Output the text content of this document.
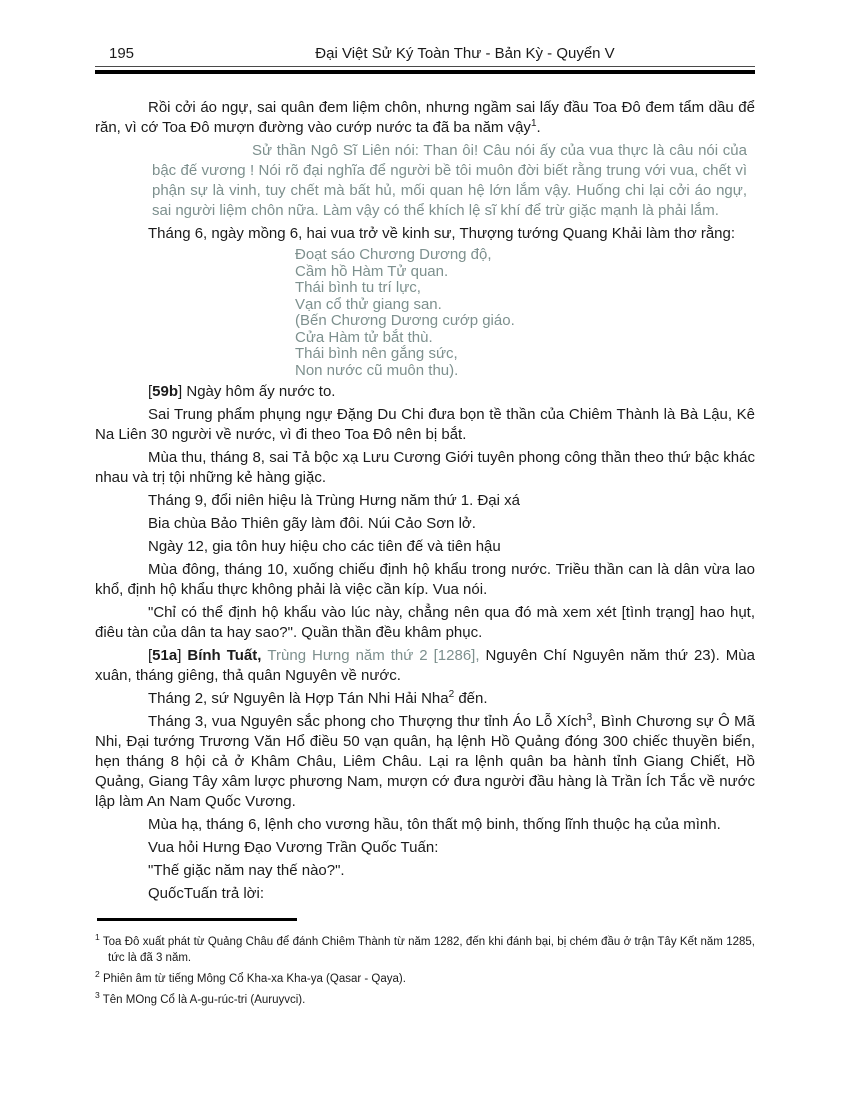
195	Đại Việt Sử Ký Toàn Thư - Bản Kỳ - Quyển V

Rồi cởi áo ngự, sai quân đem liệm chôn, nhưng ngầm sai lấy đầu Toa Đô đem tẩm dầu để răn, vì cớ Toa Đô mượn đường vào cướp nước ta đã ba năm vậy$^1$.

Sử thần Ngô Sĩ Liên nói: Than ôi! Câu nói ấy của vua thực là câu nói của bậc đế vương ! Nói rõ đại nghĩa để người bề tôi muôn đời biết rằng trung với vua, chết vì phận sự là vinh, tuy chết mà bất hủ, mối quan hệ lớn lắm vậy. Huống chi lại cởi áo ngự, sai người liệm chôn nữa. Làm vậy có thể khích lệ sĩ khí để trừ giặc mạnh là phải lắm.

Tháng 6, ngày mồng 6, hai vua trở về kinh sư, Thượng tướng Quang Khải làm thơ rằng:

Đoạt sáo Chương Dương độ,
Cầm hồ Hàm Tử quan.
Thái bình tu trí lực,
Vạn cổ thử giang san.
(Bến Chương Dương cướp giáo.
Cửa Hàm tử bắt thù.
Thái bình nên gắng sức,
Non nước cũ muôn thu).

[59b] Ngày hôm ấy nước to.

Sai Trung phẩm phụng ngự Đặng Du Chi đưa bọn tề thần của Chiêm Thành là Bà Lậu, Kê Na Liên 30 người về nước, vì đi theo Toa Đô nên bị bắt.

Mùa thu, tháng 8, sai Tả bộc xạ Lưu Cương Giới tuyên phong công thần theo thứ bậc khác nhau và trị tội những kẻ hàng giặc.

Tháng 9, đổi niên hiệu là Trùng Hưng năm thứ 1. Đại xá

Bia chùa Bảo Thiên gãy làm đôi. Núi Cảo Sơn lở.

Ngày 12, gia tôn huy hiệu cho các tiên đế và tiên hậu

Mùa đông, tháng 10, xuống chiếu định hộ khẩu trong nước. Triều thần can là dân vừa lao khổ, định hộ khẩu thực không phải là việc cần kíp. Vua nói.

"Chỉ có thể định hộ khẩu vào lúc này, chẳng nên qua đó mà xem xét [tình trạng] hao hụt, điêu tàn của dân ta hay sao?". Quần thần đều khâm phục.

[51a] Bính Tuất, Trùng Hưng năm thứ 2 [1286], Nguyên Chí Nguyên năm thứ 23). Mùa xuân, tháng giêng, thả quân Nguyên về nước.

Tháng 2, sứ Nguyên là Hợp Tán Nhi Hải Nha$^2$ đến.

Tháng 3, vua Nguyên sắc phong cho Thượng thư tỉnh Áo Lỗ Xích$^3$, Bình Chương sự Ô Mã Nhi, Đại tướng Trương Văn Hổ điều 50 vạn quân, hạ lệnh Hồ Quảng đóng 300 chiếc thuyền biển, hẹn tháng 8 hội cả ở Khâm Châu, Liêm Châu. Lại ra lệnh quân ba hành tỉnh Giang Chiết, Hồ Quảng, Giang Tây xâm lược phương Nam, mượn cớ đưa người đầu hàng là Trần Ích Tắc về nước lập làm An Nam Quốc Vương.

Mùa hạ, tháng 6, lệnh cho vương hầu, tôn thất mộ binh, thống lĩnh thuộc hạ của mình.

Vua hỏi Hưng Đạo Vương Trần Quốc Tuấn:

"Thế giặc năm nay thế nào?".

QuốcTuấn trả lời:

$^1$ Toa Đô xuất phát từ Quảng Châu để đánh Chiêm Thành từ năm 1282, đến khi đánh bại, bị chém đầu ở trận Tây Kết năm 1285, tức là đã 3 năm.

$^2$ Phiên âm từ tiếng Mông Cổ Kha-xa Kha-ya (Qasar - Qaya).

$^3$ Tên MOng Cổ là A-gu-rúc-tri (Auruyvci).
